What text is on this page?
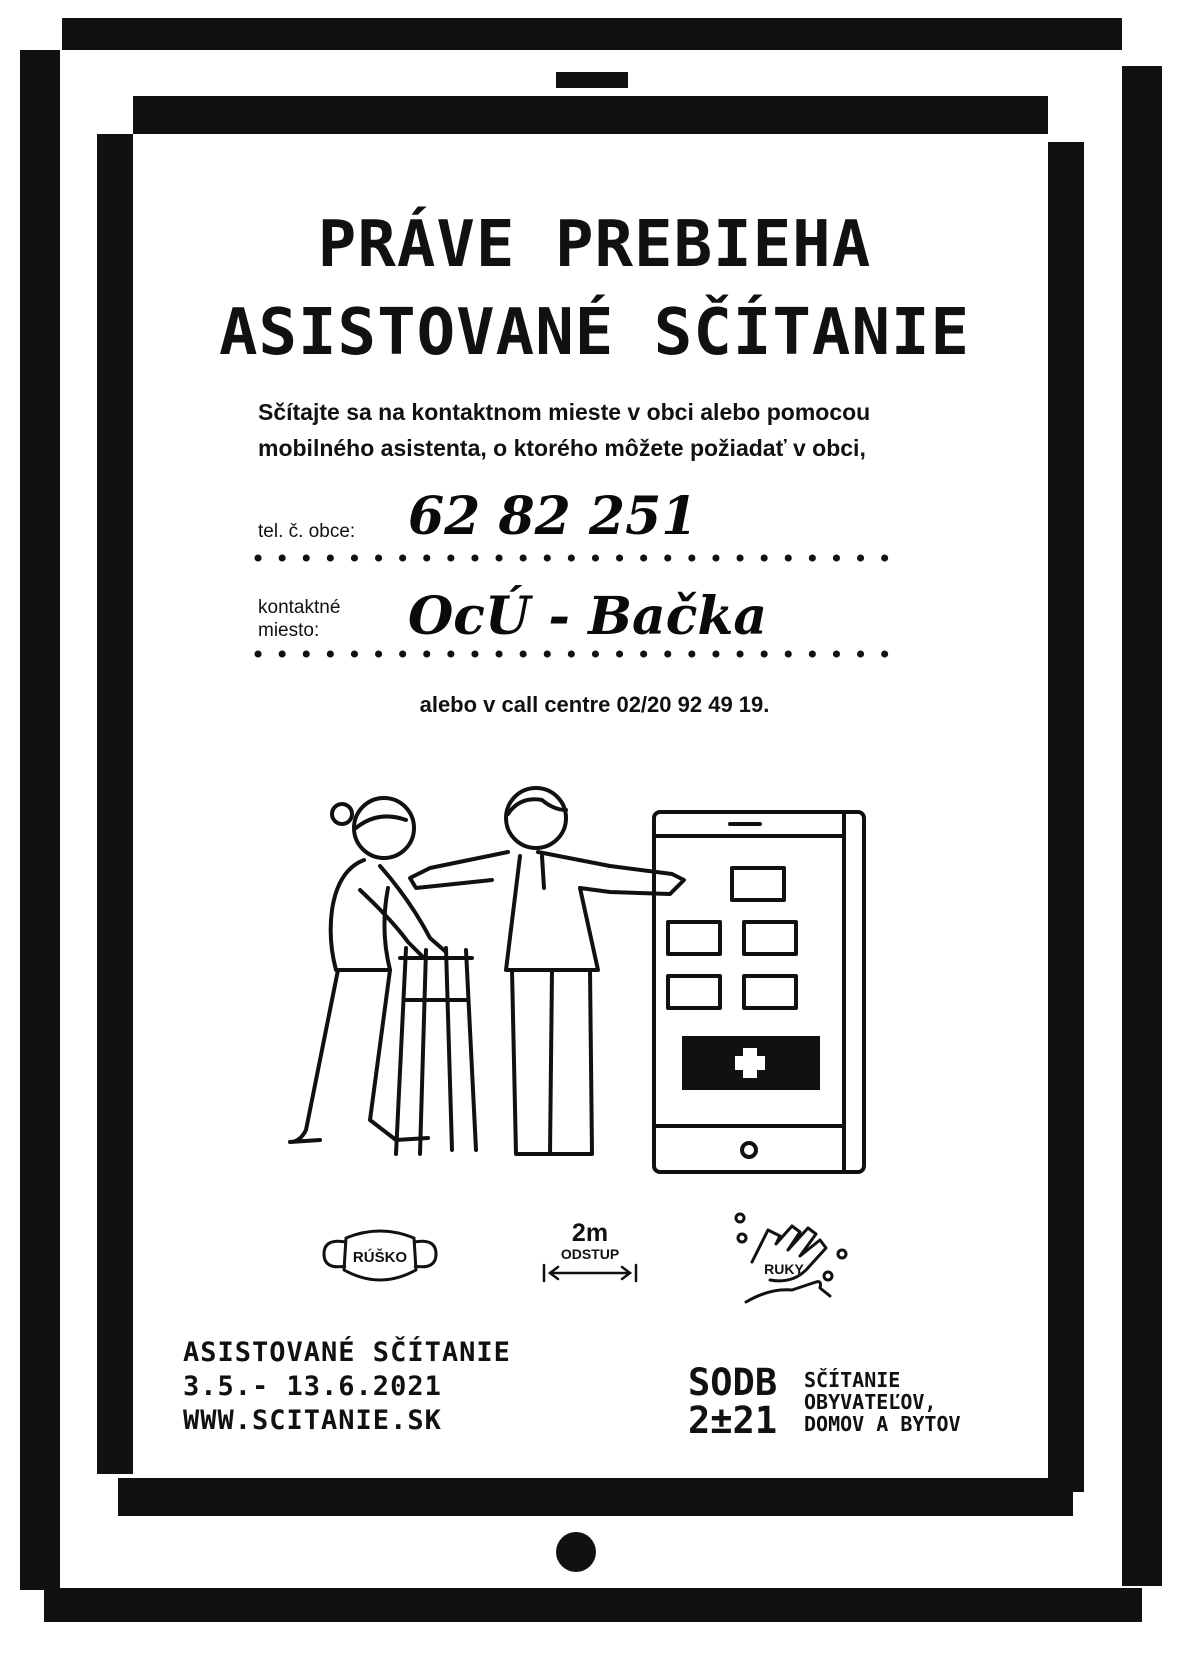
PRÁVE PREBIEHA
ASISTOVANÉ SČÍTANIE
Sčítajte sa na kontaktnom mieste v obci alebo pomocou
mobilného asistenta, o ktorého môžete požiadať v obci,
tel. č. obce: 62 82 251
kontaktné
miesto: OcÚ - Bačka
alebo v call centre 02/20 92 49 19.
RÚŠKO
2m
ODSTUP
RUKY
ASISTOVANÉ SČÍTANIE
3.5.- 13.6.2021
WWW.SCITANIE.SK
SODB
2±21
SČÍTANIE
OBYVATEĽOV,
DOMOV A BYTOV
